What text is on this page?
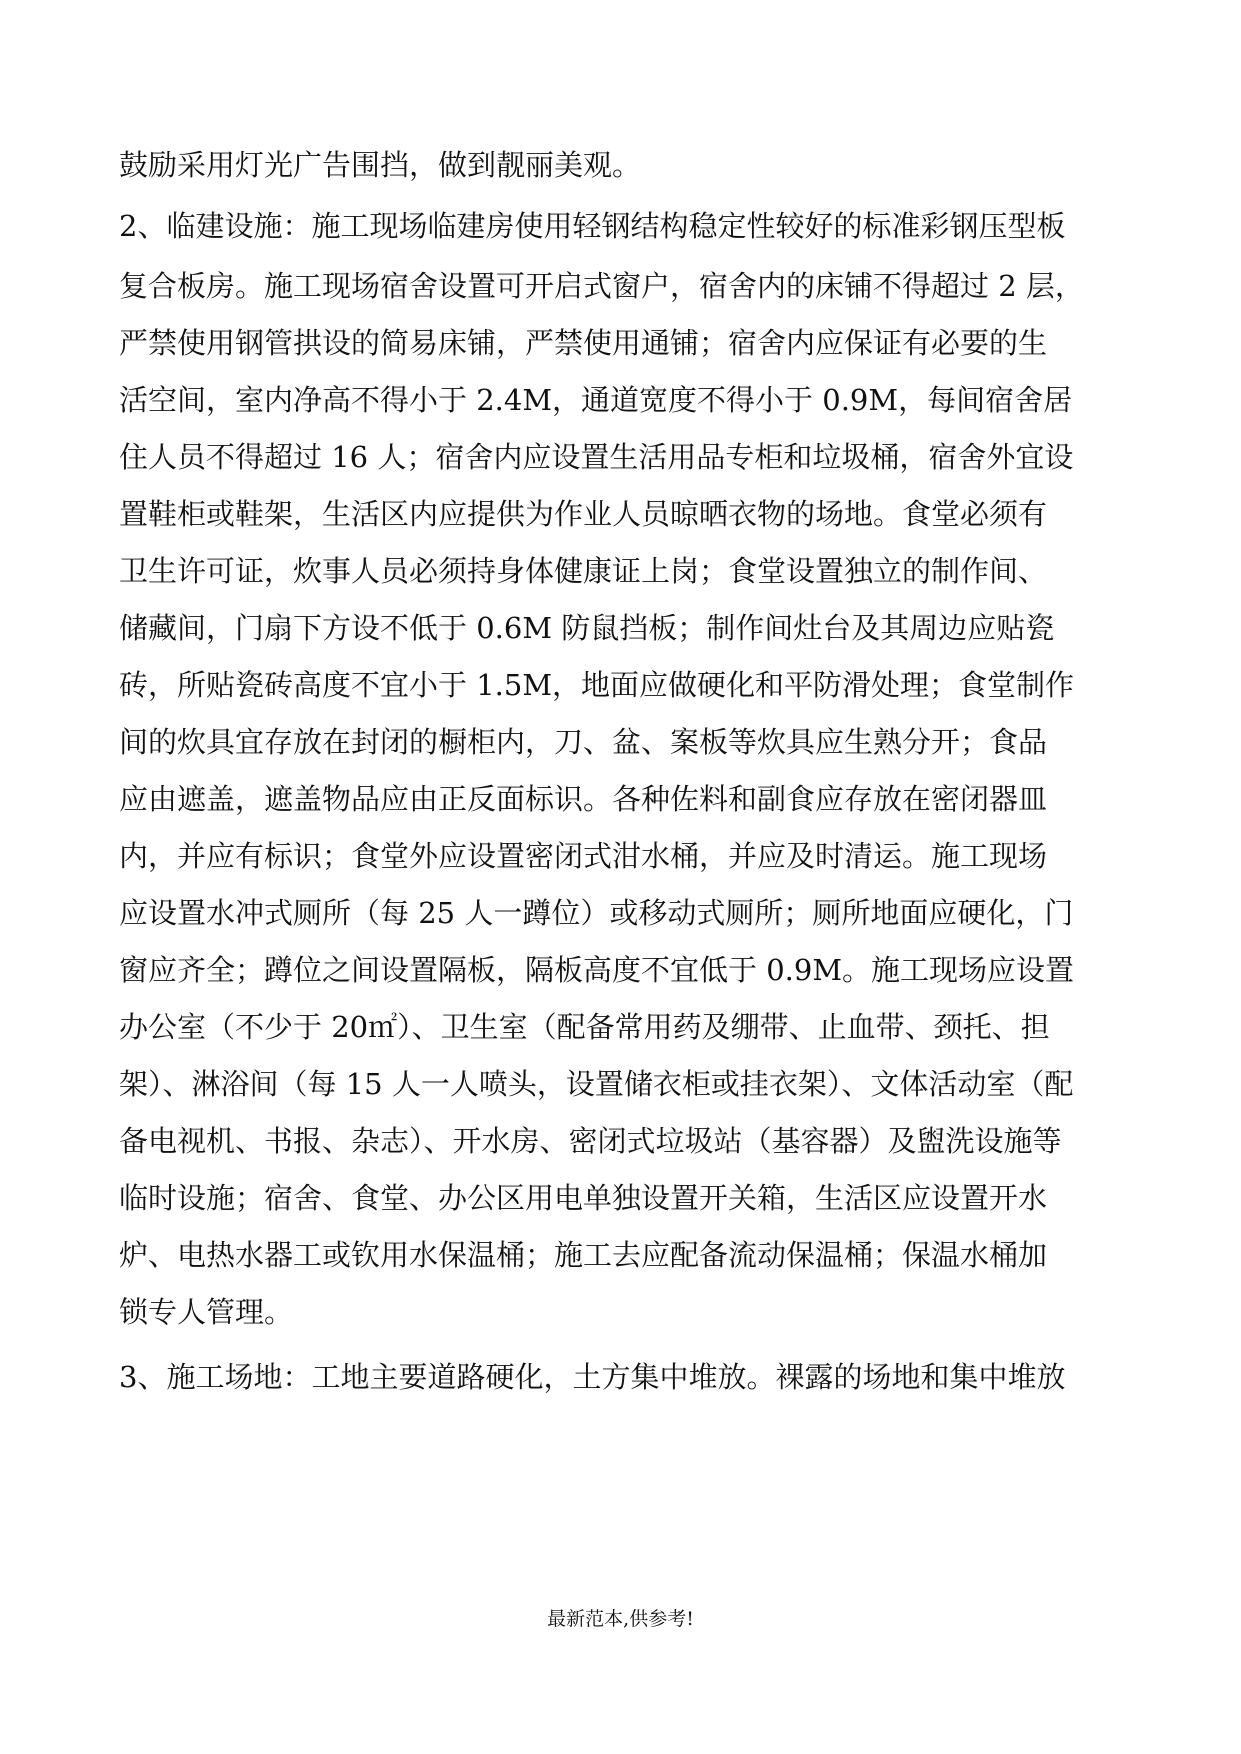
鼓励采用灯光广告围挡，做到靓丽美观。
2、临建设施：施工现场临建房使用轻钢结构稳定性较好的标准彩钢压型板
复合板房。施工现场宿舍设置可开启式窗户，宿舍内的床铺不得超过 2 层，
严禁使用钢管拱设的简易床铺，严禁使用通铺；宿舍内应保证有必要的生
活空间，室内净高不得小于 2.4M，通道宽度不得小于 0.9M，每间宿舍居
住人员不得超过 16 人；宿舍内应设置生活用品专柜和垃圾桶，宿舍外宜设
置鞋柜或鞋架，生活区内应提供为作业人员晾晒衣物的场地。食堂必须有
卫生许可证，炊事人员必须持身体健康证上岗；食堂设置独立的制作间、
储藏间，门扇下方设不低于 0.6M 防鼠挡板；制作间灶台及其周边应贴瓷
砖，所贴瓷砖高度不宜小于 1.5M，地面应做硬化和平防滑处理；食堂制作
间的炊具宜存放在封闭的橱柜内，刀、盆、案板等炊具应生熟分开；食品
应由遮盖，遮盖物品应由正反面标识。各种佐料和副食应存放在密闭器皿
内，并应有标识；食堂外应设置密闭式泔水桶，并应及时清运。施工现场
应设置水冲式厕所（每 25 人一蹲位）或移动式厕所；厕所地面应硬化，门
窗应齐全；蹲位之间设置隔板，隔板高度不宜低于 0.9M。施工现场应设置
办公室（不少于 20㎡）、卫生室（配备常用药及绷带、止血带、颈托、担
架）、淋浴间（每 15 人一人喷头，设置储衣柜或挂衣架）、文体活动室（配
备电视机、书报、杂志）、开水房、密闭式垃圾站（基容器）及盥洗设施等
临时设施；宿舍、食堂、办公区用电单独设置开关箱，生活区应设置开水
炉、电热水器工或钦用水保温桶；施工去应配备流动保温桶；保温水桶加
锁专人管理。
3、施工场地：工地主要道路硬化，土方集中堆放。裸露的场地和集中堆放
最新范本,供参考!
